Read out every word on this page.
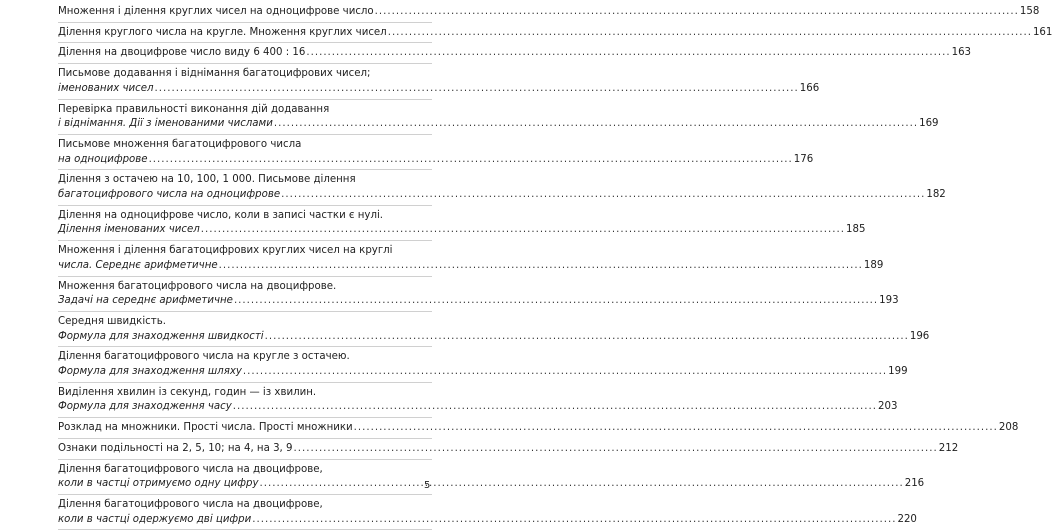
Множення і ділення круглих чисел на одноцифрове число .....	158
Ділення круглого числа на кругле. Множення круглих чисел .....	161
Ділення на двоцифрове число виду 6 400 : 16 .....	163
Письмове додавання і віднімання багатоцифрових чисел;
іменованих чисел .....	166
Перевірка правильності виконання дій додавання
і віднімання. Дії з іменованими числами .....	169
Письмове множення багатоцифрового числа
на одноцифрове .....	176
Ділення з остачею на 10, 100, 1 000. Письмове ділення
багатоцифрового числа на одноцифрове .....	182
Ділення на одноцифрове число, коли в записі частки є нулі.
Ділення іменованих чисел .....	185
Множення і ділення багатоцифрових круглих чисел на круглі
числа. Середнє арифметичне .....	189
Множення багатоцифрового числа на двоцифрове.
Задачі на середнє арифметичне .....	193
Середня швидкість.
Формула для знаходження швидкості .....	196
Ділення багатоцифрового числа на кругле з остачею.
Формула для знаходження шляху .....	199
Виділення хвилин із секунд, годин — із хвилин.
Формула для знаходження часу .....	203
Розклад на множники. Прості числа. Прості множники .....	208
Ознаки подільності на 2, 5, 10; на 4, на 3, 9 .....	212
Ділення багатоцифрового числа на двоцифрове,
коли в частці отримуємо одну цифру .....	216
Ділення багатоцифрового числа на двоцифрове,
коли в частці одержуємо дві цифри .....	220
5
